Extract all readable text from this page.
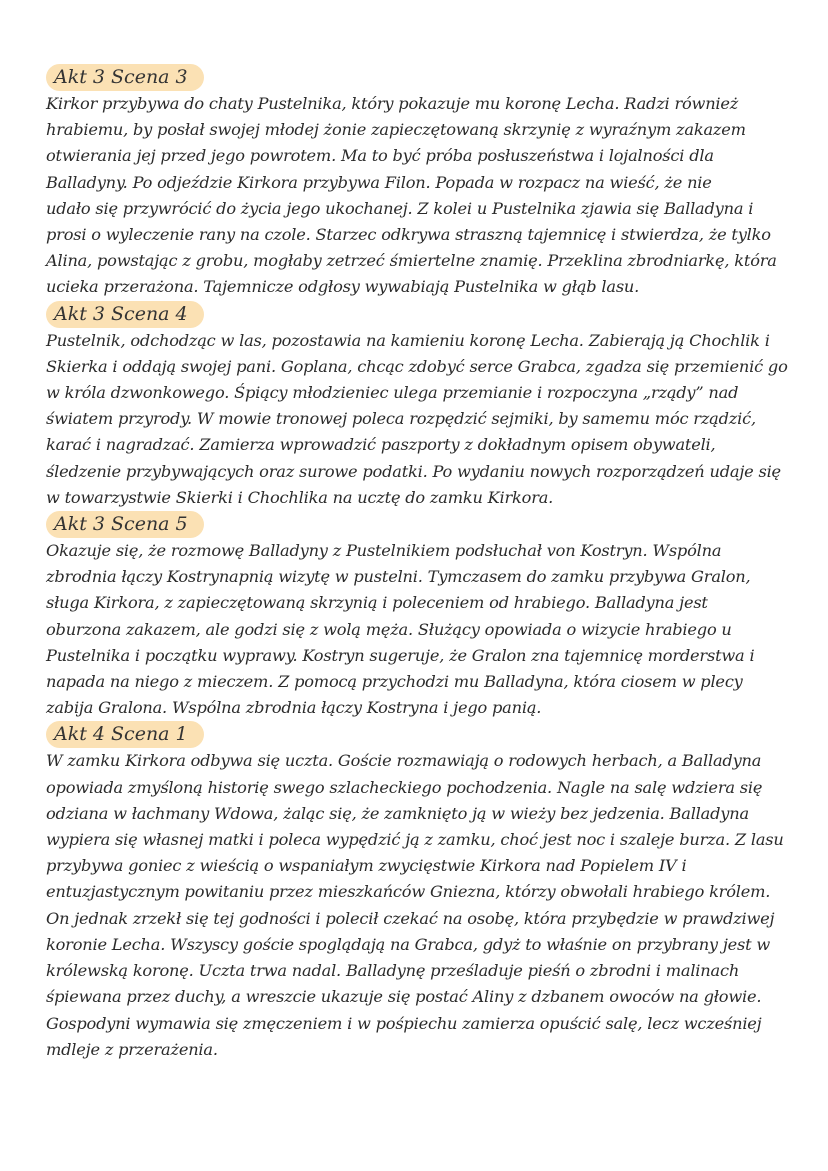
Akt 3 Scena 3

Kirkor przybywa do chaty Pustelnika, który pokazuje mu koronę Lecha. Radzi również
hrabiemu, by posłał swojej młodej żonie zapieczętowaną skrzynię z wyraźnym zakazem
otwierania jej przed jego powrotem. Ma to być próba posłuszeństwa i lojalności dla
Balladyny. Po odjeździe Kirkora przybywa Filon. Popada w rozpacz na wieść, że nie
udało się przywrócić do życia jego ukochanej. Z kolei u Pustelnika zjawia się Balladyna i
prosi o wyleczenie rany na czole. Starzec odkrywa straszną tajemnicę i stwierdza, że tylko
Alina, powstając z grobu, mogłaby zetrzeć śmiertelne znamię. Przeklina zbrodniarkę, która
ucieka przerażona. Tajemnicze odgłosy wywabiają Pustelnika w głąb lasu.

Akt 3 Scena 4

Pustelnik, odchodząc w las, pozostawia na kamieniu koronę Lecha. Zabierają ją Chochlik i
Skierka i oddają swojej pani. Goplana, chcąc zdobyć serce Grabca, zgadza się przemienić go
w króla dzwonkowego. Śpiący młodzieniec ulega przemianie i rozpoczyna „rządy” nad
światem przyrody. W mowie tronowej poleca rozpędzić sejmiki, by samemu móc rządzić,
karać i nagradzać. Zamierza wprowadzić paszporty z dokładnym opisem obywateli,
śledzenie przybywających oraz surowe podatki. Po wydaniu nowych rozporządzeń udaje się
w towarzystwie Skierki i Chochlika na ucztę do zamku Kirkora.

Akt 3 Scena 5

Okazuje się, że rozmowę Balladyny z Pustelnikiem podsłuchał von Kostryn. Wspólna
zbrodnia łączy Kostrynapnią wizytę w pustelni. Tymczasem do zamku przybywa Gralon,
sługa Kirkora, z zapieczętowaną skrzynią i poleceniem od hrabiego. Balladyna jest
oburzona zakazem, ale godzi się z wolą męża. Służący opowiada o wizycie hrabiego u
Pustelnika i początku wyprawy. Kostryn sugeruje, że Gralon zna tajemnicę morderstwa i
napada na niego z mieczem. Z pomocą przychodzi mu Balladyna, która ciosem w plecy
zabija Gralona. Wspólna zbrodnia łączy Kostryna i jego panią.

Akt 4 Scena 1

W zamku Kirkora odbywa się uczta. Goście rozmawiają o rodowych herbach, a Balladyna
opowiada zmyśloną historię swego szlacheckiego pochodzenia. Nagle na salę wdziera się
odziana w łachmany Wdowa, żaląc się, że zamknięto ją w wieży bez jedzenia. Balladyna
wypiera się własnej matki i poleca wypędzić ją z zamku, choć jest noc i szaleje burza. Z lasu
przybywa goniec z wieścią o wspaniałym zwycięstwie Kirkora nad Popielem IV i
entuzjastycznym powitaniu przez mieszkańców Gniezna, którzy obwołali hrabiego królem.
On jednak zrzekł się tej godności i polecił czekać na osobę, która przybędzie w prawdziwej
koronie Lecha. Wszyscy goście spoglądają na Grabca, gdyż to właśnie on przybrany jest w
królewską koronę. Uczta trwa nadal. Balladynę prześladuje pieśń o zbrodni i malinach
śpiewana przez duchy, a wreszcie ukazuje się postać Aliny z dzbanem owoców na głowie.
Gospodyni wymawia się zmęczeniem i w pośpiechu zamierza opuścić salę, lecz wcześniej
mdleje z przerażenia.
